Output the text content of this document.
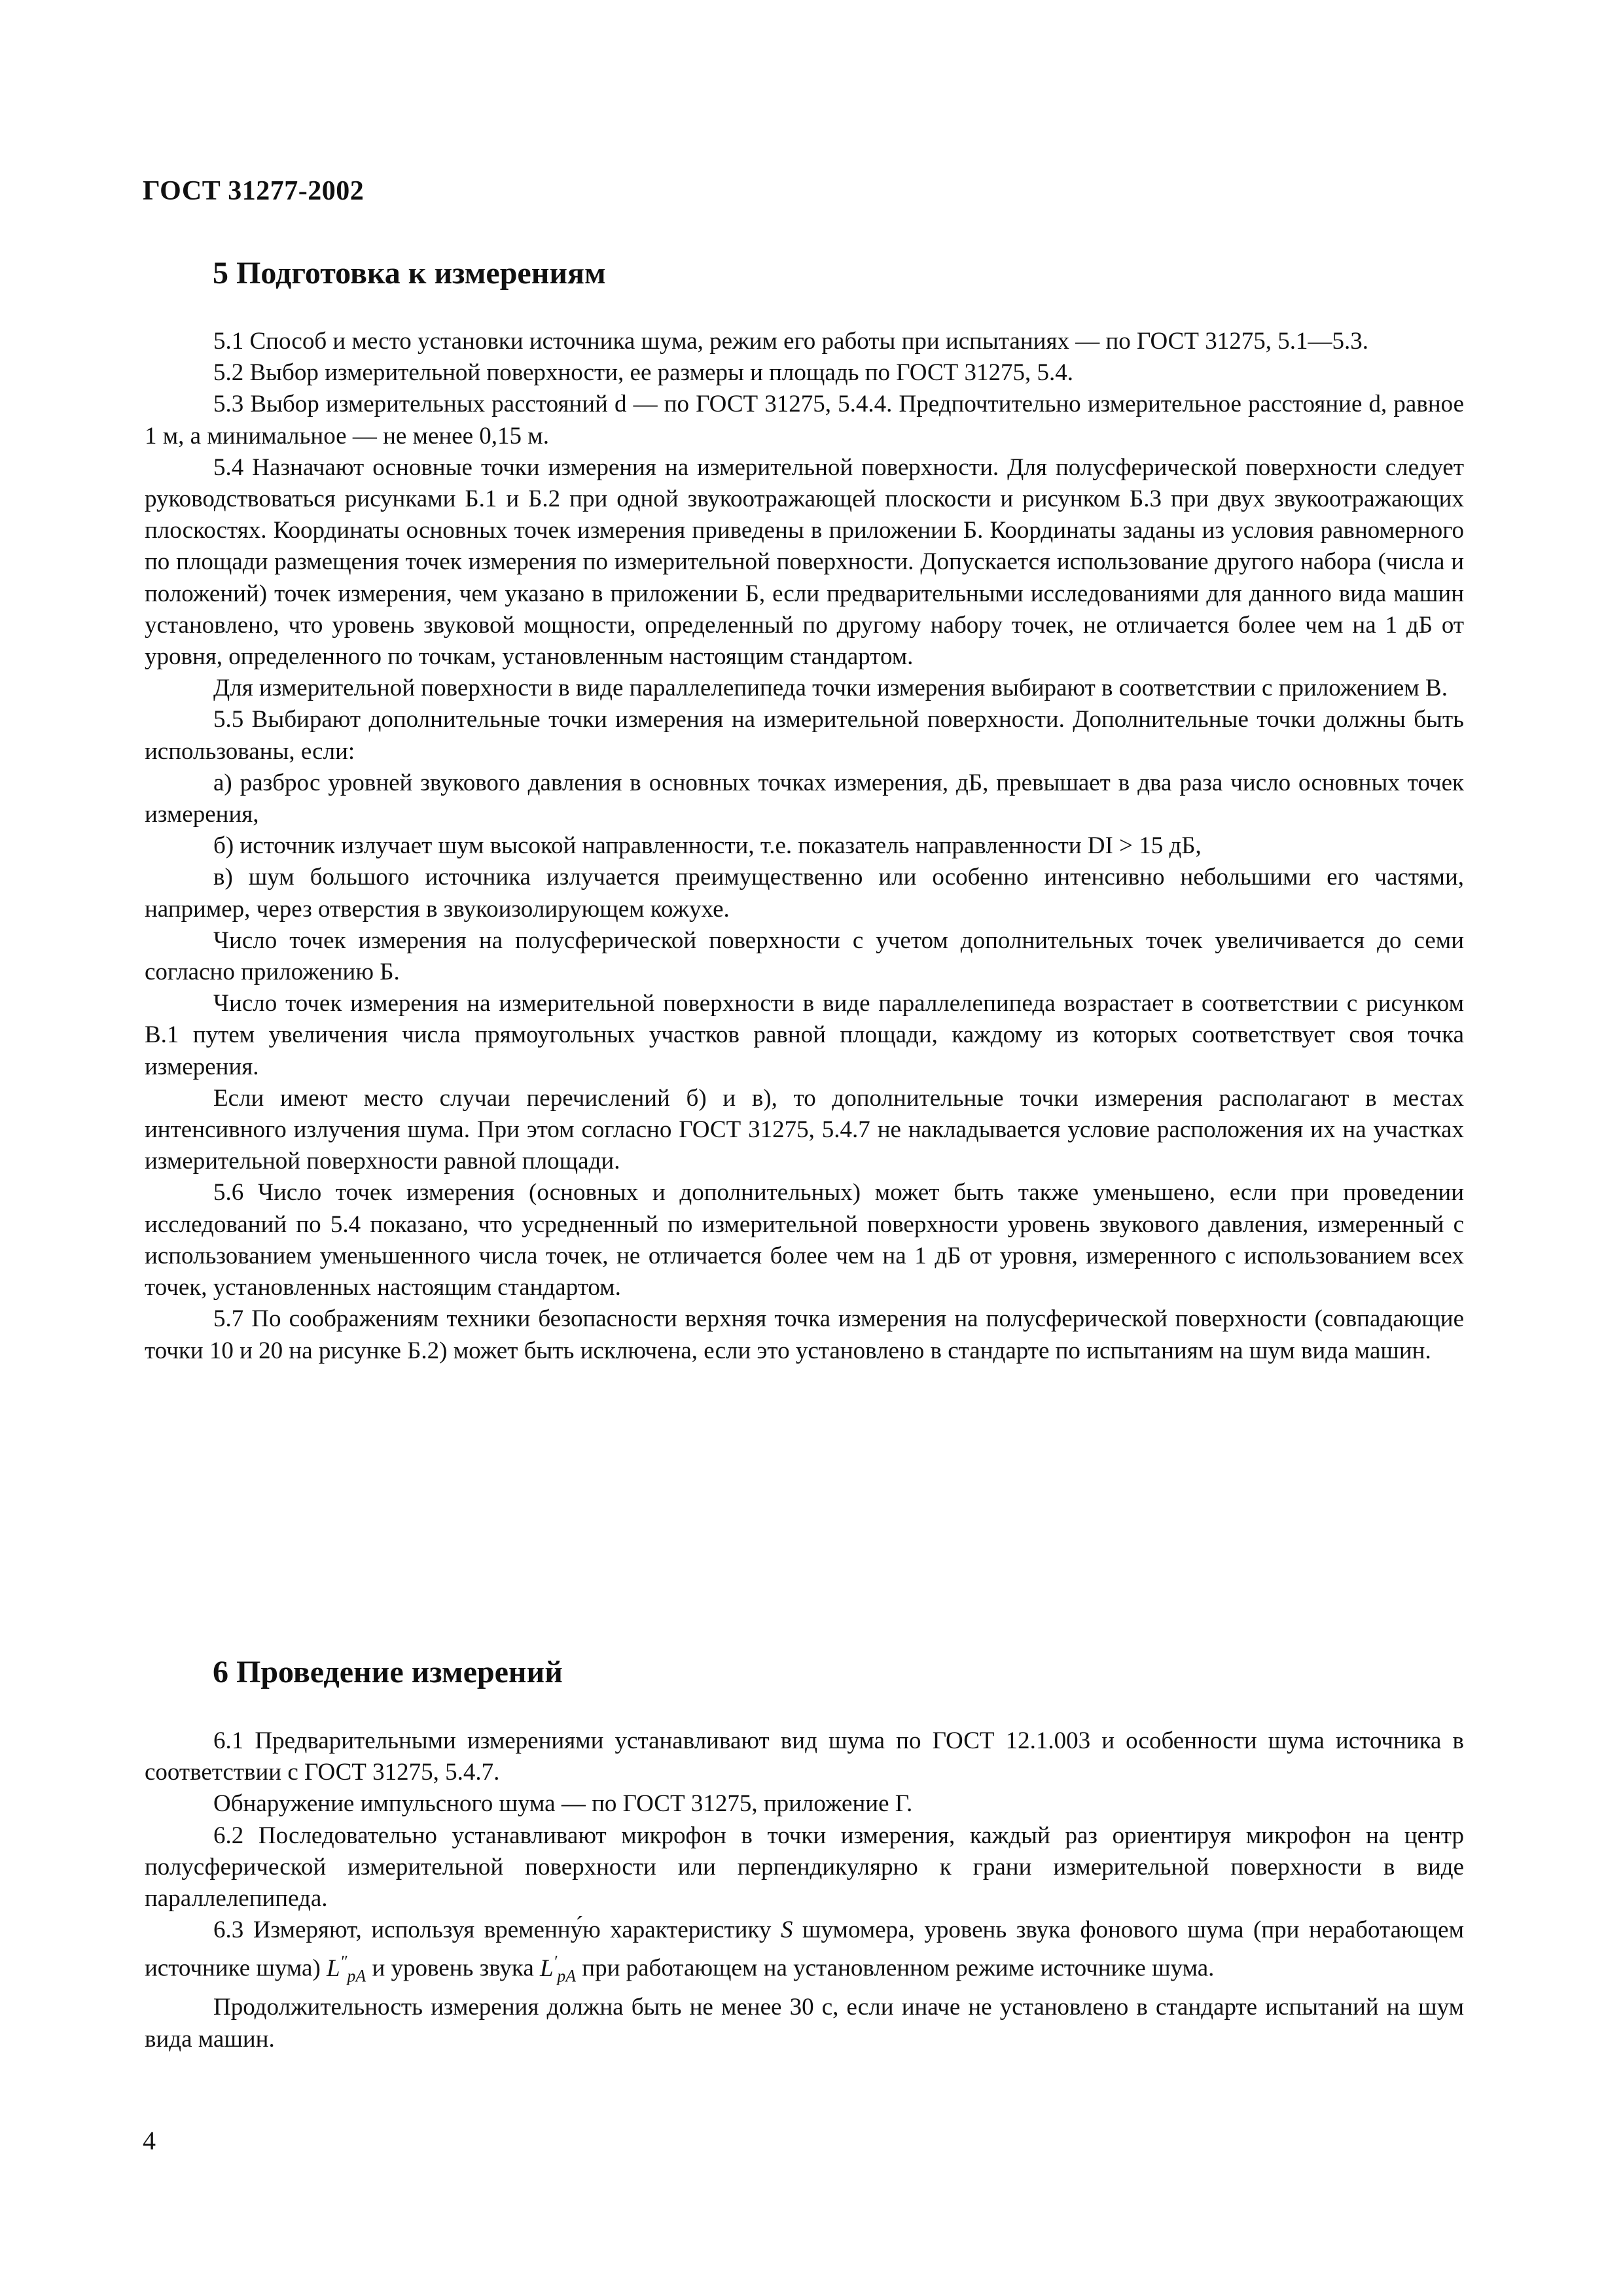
ГОСТ 31277-2002
5 Подготовка к измерениям

5.1 Способ и место установки источника шума, режим его работы при испытаниях — по ГОСТ 31275, 5.1—5.3.

5.2 Выбор измерительной поверхности, ее размеры и площадь по ГОСТ 31275, 5.4.

5.3 Выбор измерительных расстояний d — по ГОСТ 31275, 5.4.4. Предпочтительно измерительное расстояние d, равное 1 м, а минимальное — не менее 0,15 м.

5.4 Назначают основные точки измерения на измерительной поверхности. Для полусферической поверхности следует руководствоваться рисунками Б.1 и Б.2 при одной звукоотражающей плоскости и рисунком Б.3 при двух звукоотражающих плоскостях. Координаты основных точек измерения приведены в приложении Б. Координаты заданы из условия равномерного по площади размещения точек измерения по измерительной поверхности. Допускается использование другого набора (числа и положений) точек измерения, чем указано в приложении Б, если предварительными исследованиями для данного вида машин установлено, что уровень звуковой мощности, определенный по другому набору точек, не отличается более чем на 1 дБ от уровня, определенного по точкам, установленным настоящим стандартом.

Для измерительной поверхности в виде параллелепипеда точки измерения выбирают в соответствии с приложением В.

5.5 Выбирают дополнительные точки измерения на измерительной поверхности. Дополнительные точки должны быть использованы, если:

а) разброс уровней звукового давления в основных точках измерения, дБ, превышает в два раза число основных точек измерения,

б) источник излучает шум высокой направленности, т.е. показатель направленности DI > 15 дБ,

в) шум большого источника излучается преимущественно или особенно интенсивно небольшими его частями, например, через отверстия в звукоизолирующем кожухе.

Число точек измерения на полусферической поверхности с учетом дополнительных точек увеличивается до семи согласно приложению Б.

Число точек измерения на измерительной поверхности в виде параллелепипеда возрастает в соответствии с рисунком В.1 путем увеличения числа прямоугольных участков равной площади, каждому из которых соответствует своя точка измерения.

Если имеют место случаи перечислений б) и в), то дополнительные точки измерения располагают в местах интенсивного излучения шума. При этом согласно ГОСТ 31275, 5.4.7 не накладывается условие расположения их на участках измерительной поверхности равной площади.

5.6 Число точек измерения (основных и дополнительных) может быть также уменьшено, если при проведении исследований по 5.4 показано, что усредненный по измерительной поверхности уровень звукового давления, измеренный с использованием уменьшенного числа точек, не отличается более чем на 1 дБ от уровня, измеренного с использованием всех точек, установленных настоящим стандартом.

5.7 По соображениям техники безопасности верхняя точка измерения на полусферической поверхности (совпадающие точки 10 и 20 на рисунке Б.2) может быть исключена, если это установлено в стандарте по испытаниям на шум вида машин.

6 Проведение измерений

6.1 Предварительными измерениями устанавливают вид шума по ГОСТ 12.1.003 и особенности шума источника в соответствии с ГОСТ 31275, 5.4.7.

Обнаружение импульсного шума — по ГОСТ 31275, приложение Г.

6.2 Последовательно устанавливают микрофон в точки измерения, каждый раз ориентируя микрофон на центр полусферической измерительной поверхности или перпендикулярно к грани измерительной поверхности в виде параллелепипеда.

6.3 Измеряют, используя временну́ю характеристику S шумомера, уровень звука фонового шума (при неработающем источнике шума) $L''_{pA}$ и уровень звука $L'_{pA}$ при работающем на установленном режиме источнике шума.

Продолжительность измерения должна быть не менее 30 с, если иначе не установлено в стандарте испытаний на шум вида машин.

4
